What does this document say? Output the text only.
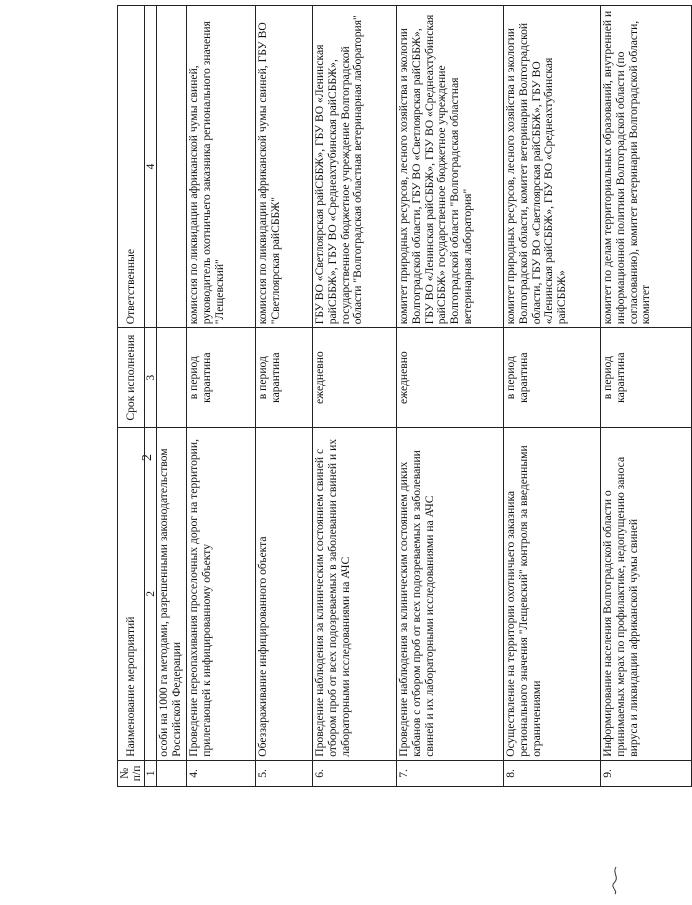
2
№ п/п	Наименование мероприятий	Срок исполнения	Ответственные
1	2	3	4
	особи на 1000 га методами, разрешенными законодательством Российской Федерации		
4.	Проведение переопахивания проселочных дорог на территории, прилегающей к инфицированному объекту	в период карантина	комиссия по ликвидации африканской чумы свиней, руководитель охотничьего заказника регионального значения "Лещевский"
5.	Обеззараживание инфицированного объекта	в период карантина	комиссия по ликвидации африканской чумы свиней, ГБУ ВО "Светлоярская райСББЖ"
6.	Проведение наблюдения за клиническим состоянием свиней с отбором проб от всех подозреваемых в заболевании свиней и их лабораторными исследованиями на АЧС	ежедневно	ГБУ ВО «Светлоярская райСББЖ», ГБУ ВО «Ленинская райСББЖ», ГБУ ВО «Среднеахтубинская райСББЖ», государственное бюджетное учреждение Волгоградской области "Волгоградская областная ветеринарная лаборатория"
7.	Проведение наблюдения за клиническим состоянием диких кабанов с отбором проб от всех подозреваемых в заболевании свиней и их лабораторными исследованиями на АЧС	ежедневно	комитет природных ресурсов, лесного хозяйства и экологии Волгоградской области, ГБУ ВО «Светлоярская райСББЖ», ГБУ ВО «Ленинская райСББЖ», ГБУ ВО «Среднеахтубинская райСББЖ» государственное бюджетное учреждение Волгоградской области "Волгоградская областная ветеринарная лаборатория"
8.	Осуществление на территории охотничьего заказника регионального значения "Лещевский" контроля за введенными ограничениями	в период карантина	комитет природных ресурсов, лесного хозяйства и экологии Волгоградской области, комитет ветеринарии Волгоградской области, ГБУ ВО «Светлоярская райСББЖ», ГБУ ВО «Ленинская райСББЖ», ГБУ ВО «Среднеахтубинская райСББЖ»
9.	Информирование населения Волгоградской области о принимаемых мерах по профилактике, недопущению заноса вируса и ликвидации африканской чумы свиней	в период карантина	комитет по делам территориальных образований, внутренней и информационной политики Волгоградской области (по согласованию), комитет ветеринарии Волгоградской области, комитет
